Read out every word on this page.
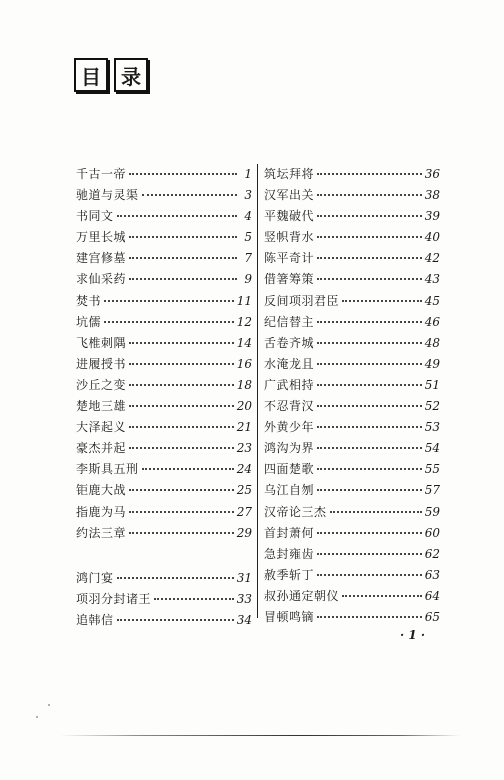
目	录
千古一帝	1
驰道与灵渠	3
书同文	4
万里长城	5
建宫修墓	7
求仙采药	9
焚书	11
坑儒	12
飞椎刺隅	14
进履授书	16
沙丘之变	18
楚地三雄	20
大泽起义	21
豪杰并起	23
李斯具五刑	24
钜鹿大战	25
指鹿为马	27
约法三章	29
鸿门宴	31
项羽分封诸王	33
追韩信	34
筑坛拜将	36
汉军出关	38
平魏破代	39
竖帜背水	40
陈平奇计	42
借箸筹策	43
反间项羽君臣	45
纪信替主	46
舌卷齐城	48
水淹龙且	49
广武相持	51
不忍背汉	52
外黄少年	53
鸿沟为界	54
四面楚歌	55
乌江自刎	57
汉帝论三杰	59
首封萧何	60
急封雍齿	62
赦季斩丁	63
叔孙通定朝仪	64
冒顿鸣镝	65
· 1 ·
